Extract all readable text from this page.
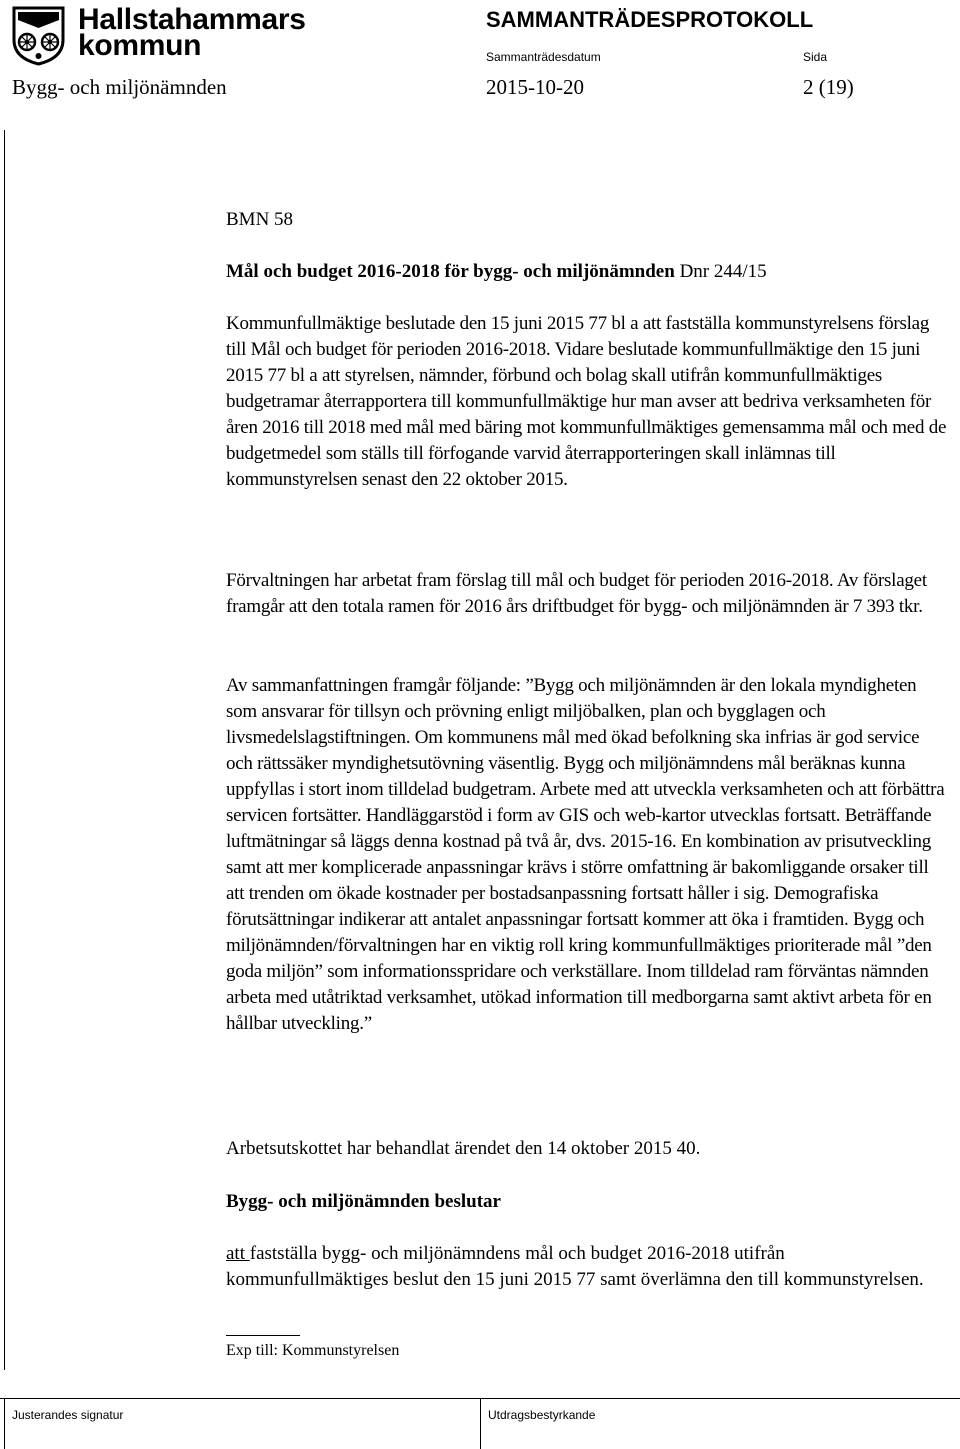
Hallstahammars
kommun
SAMMANTRÄDESPROTOKOLL
Sammanträdesdatum	Sida
Bygg- och miljönämnden	2015-10-20	2 (19)
BMN 58
Mål och budget 2016-2018 för bygg- och miljönämnden Dnr 244/15
Kommunfullmäktige beslutade den 15 juni 2015 77 bl a att fastställa kommunstyrelsens förslag till Mål och budget för perioden 2016-2018. Vidare beslutade kommunfullmäktige den 15 juni 2015 77 bl a att styrelsen, nämnder, förbund och bolag skall utifrån kommunfullmäktiges budgetramar återrapportera till kommunfullmäktige hur man avser att bedriva verksamheten för åren 2016 till 2018 med mål med bäring mot kommunfullmäktiges gemensamma mål och med de budgetmedel som ställs till förfogande varvid återrapporteringen skall inlämnas till kommunstyrelsen senast den 22 oktober 2015.
Förvaltningen har arbetat fram förslag till mål och budget för perioden 2016-2018. Av förslaget framgår att den totala ramen för 2016 års driftbudget för bygg- och miljönämnden är 7 393 tkr.
Av sammanfattningen framgår följande: ”Bygg och miljönämnden är den lokala myndigheten som ansvarar för tillsyn och prövning enligt miljöbalken, plan och bygglagen och livsmedelslagstiftningen. Om kommunens mål med ökad befolkning ska infrias är god service och rättssäker myndighetsutövning väsentlig. Bygg och miljönämndens mål beräknas kunna uppfyllas i stort inom tilldelad budgetram. Arbete med att utveckla verksamheten och att förbättra servicen fortsätter. Handläggarstöd i form av GIS och web-kartor utvecklas fortsatt. Beträffande luftmätningar så läggs denna kostnad på två år, dvs. 2015-16. En kombination av prisutveckling samt att mer komplicerade anpassningar krävs i större omfattning är bakomliggande orsaker till att trenden om ökade kostnader per bostadsanpassning fortsatt håller i sig. Demografiska förutsättningar indikerar att antalet anpassningar fortsatt kommer att öka i framtiden. Bygg och miljönämnden/förvaltningen har en viktig roll kring kommunfullmäktiges prioriterade mål ”den goda miljön” som informationsspridare och verkställare. Inom tilldelad ram förväntas nämnden arbeta med utåtriktad verksamhet, utökad information till medborgarna samt aktivt arbeta för en hållbar utveckling.”
Arbetsutskottet har behandlat ärendet den 14 oktober 2015 40.
Bygg- och miljönämnden beslutar
att fastställa bygg- och miljönämndens mål och budget 2016-2018 utifrån kommunfullmäktiges beslut den 15 juni 2015 77 samt överlämna den till kommunstyrelsen.
Exp till: Kommunstyrelsen
Justerandes signatur	Utdragsbestyrkande
